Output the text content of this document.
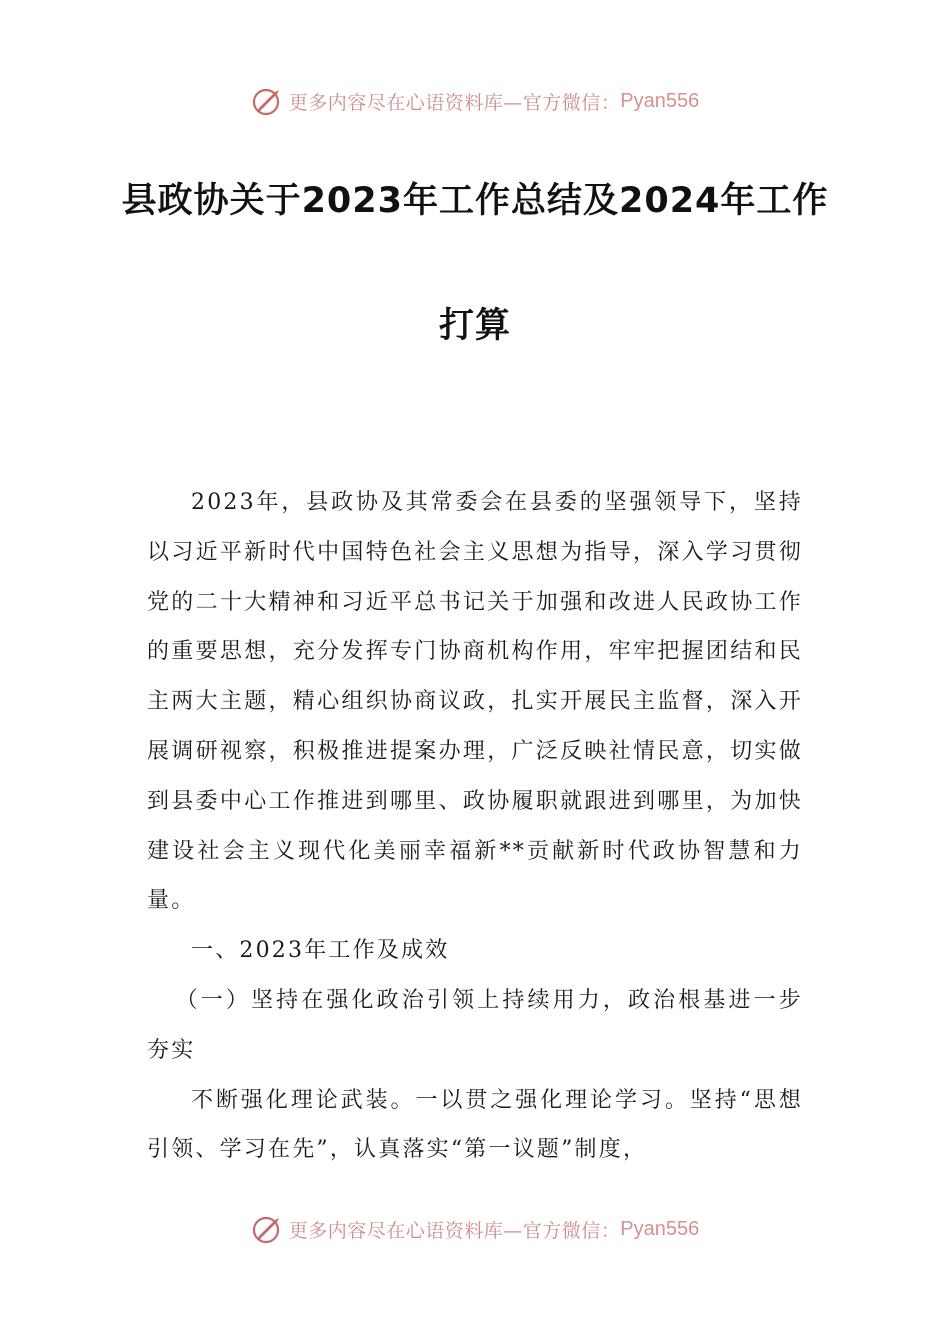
更多内容尽在心语资料库—官方微信： Pyan556
县政协关于2023年工作总结及2024年工作
打算

2023年，县政协及其常委会在县委的坚强领导下，坚持以习近平新时代中国特色社会主义思想为指导，深入学习贯彻党的二十大精神和习近平总书记关于加强和改进人民政协工作的重要思想，充分发挥专门协商机构作用，牢牢把握团结和民主两大主题，精心组织协商议政，扎实开展民主监督，深入开展调研视察，积极推进提案办理，广泛反映社情民意，切实做到县委中心工作推进到哪里、政协履职就跟进到哪里，为加快建设社会主义现代化美丽幸福新**贡献新时代政协智慧和力量。

一、2023年工作及成效

（一）坚持在强化政治引领上持续用力，政治根基进一步夯实

不断强化理论武装。一以贯之强化理论学习。坚持“思想引领、学习在先”，认真落实“第一议题”制度，

更多内容尽在心语资料库—官方微信： Pyan556
